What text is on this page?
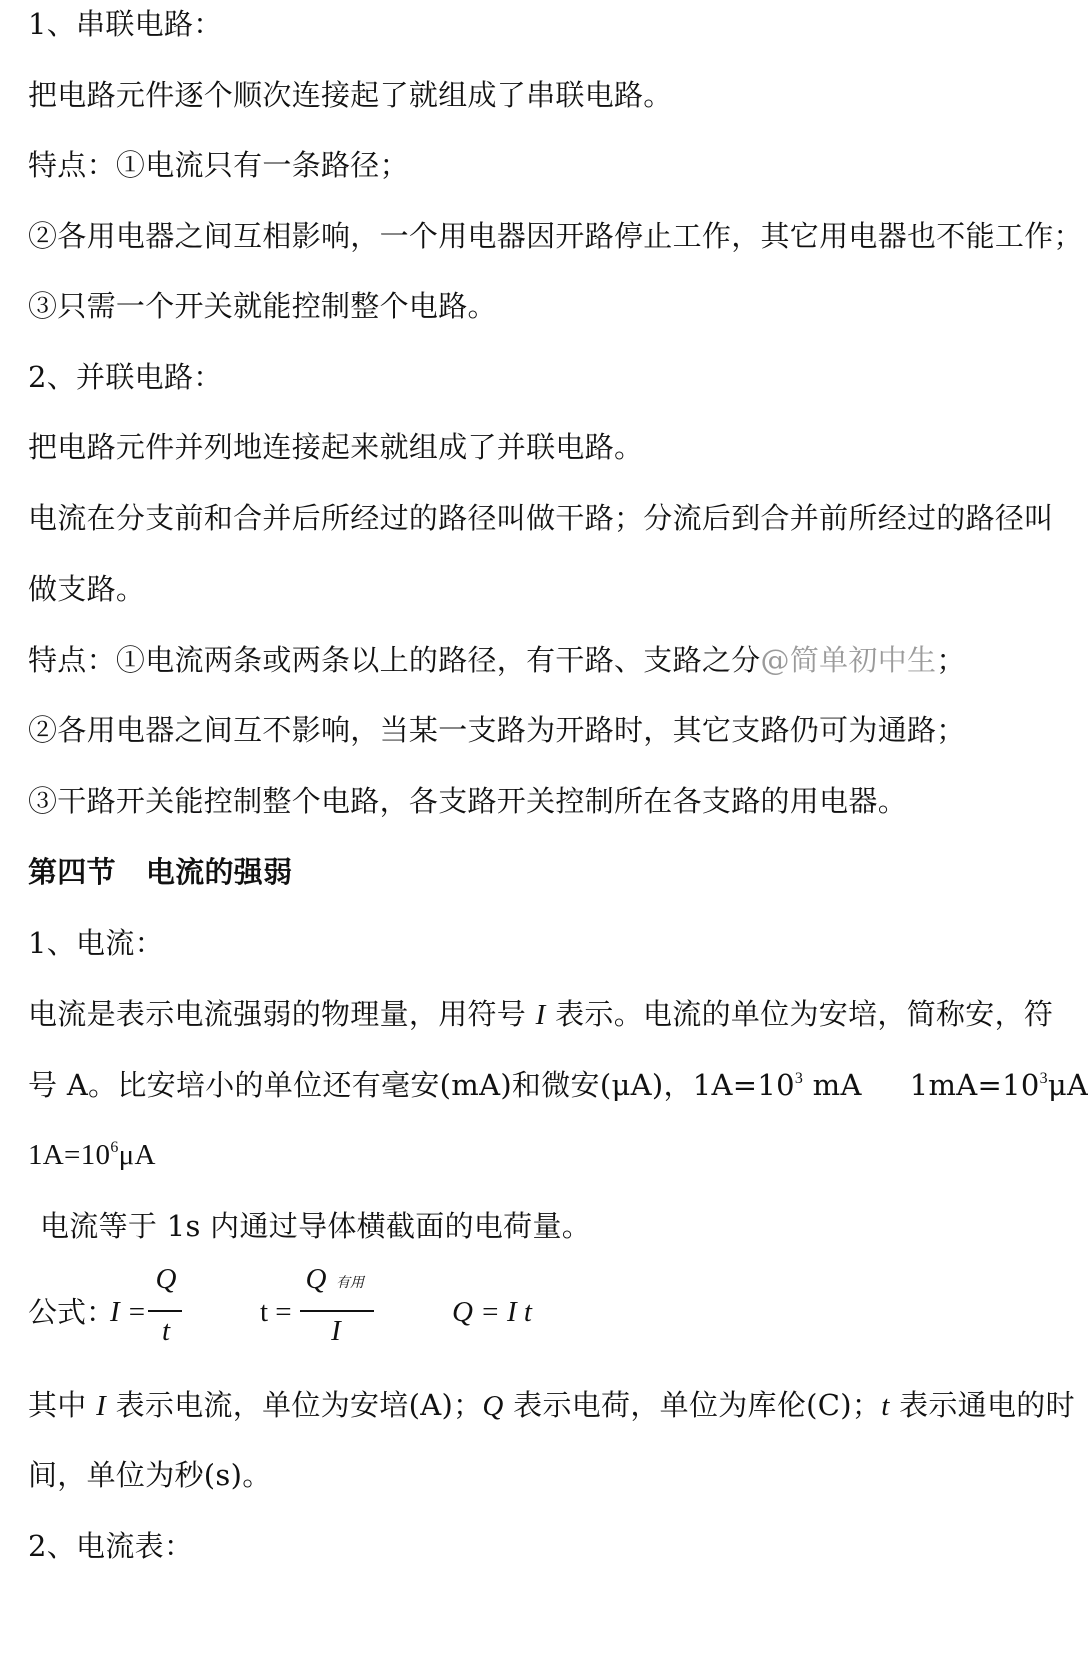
1、串联电路：
把电路元件逐个顺次连接起了就组成了串联电路。
特点：①电流只有一条路径；
②各用电器之间互相影响，一个用电器因开路停止工作，其它用电器也不能工作；
③只需一个开关就能控制整个电路。
2、并联电路：
把电路元件并列地连接起来就组成了并联电路。
电流在分支前和合并后所经过的路径叫做干路；分流后到合并前所经过的路径叫
做支路。
特点：①电流两条或两条以上的路径，有干路、支路之分@简单初中生；
②各用电器之间互不影响，当某一支路为开路时，其它支路仍可为通路；
③干路开关能控制整个电路，各支路开关控制所在各支路的用电器。
第四节 电流的强弱
1、电流：
电流是表示电流强弱的物理量，用符号 I 表示。电流的单位为安培，简称安，符
号 A。比安培小的单位还有毫安(mA)和微安(μA)，$1A=10^3$ mA $1mA=10^3\mu A$
$1A=10^6\mu A$
电流等于 1s 内通过导体横截面的电荷量。
公式：
I =
Q
t
t =
Q 有用
I
Q = I t
其中 I 表示电流，单位为安培(A)；Q 表示电荷，单位为库伦(C)；t 表示通电的时
间，单位为秒(s)。
2、电流表：
